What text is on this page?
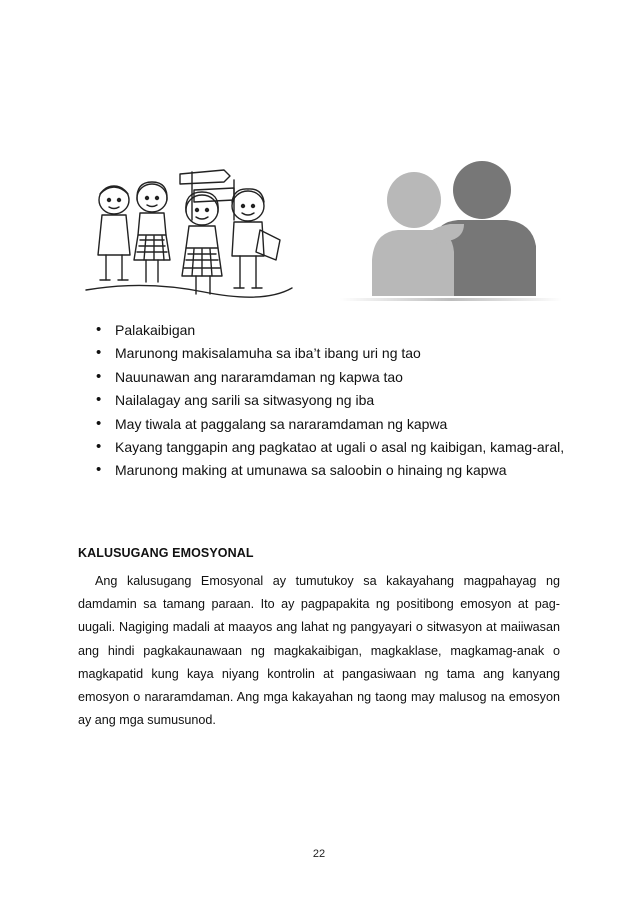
• Palakaibigan
• Marunong makisalamuha sa iba’t ibang uri ng tao
• Nauunawan ang nararamdaman ng kapwa tao
• Nailalagay ang sarili sa sitwasyong ng iba
• May tiwala at paggalang sa nararamdaman ng kapwa
• Kayang tanggapin ang pagkatao at ugali o asal ng kaibigan, kamag-aral,
• Marunong making at umunawa sa saloobin o hinaing ng kapwa
KALUSUGANG EMOSYONAL

Ang kalusugang Emosyonal ay tumutukoy sa kakayahang magpahayag ng damdamin sa tamang paraan. Ito ay pagpapakita ng positibong emosyon at pag-uugali. Nagiging madali at maayos ang lahat ng pangyayari o sitwasyon at maiiwasan ang hindi pagkakaunawaan ng magkakaibigan, magkaklase, magkamag-anak o magkapatid kung kaya niyang kontrolin at pangasiwaan ng tama ang kanyang emosyon o nararamdaman. Ang mga kakayahan ng taong may malusog na emosyon ay ang mga sumusunod.

22
